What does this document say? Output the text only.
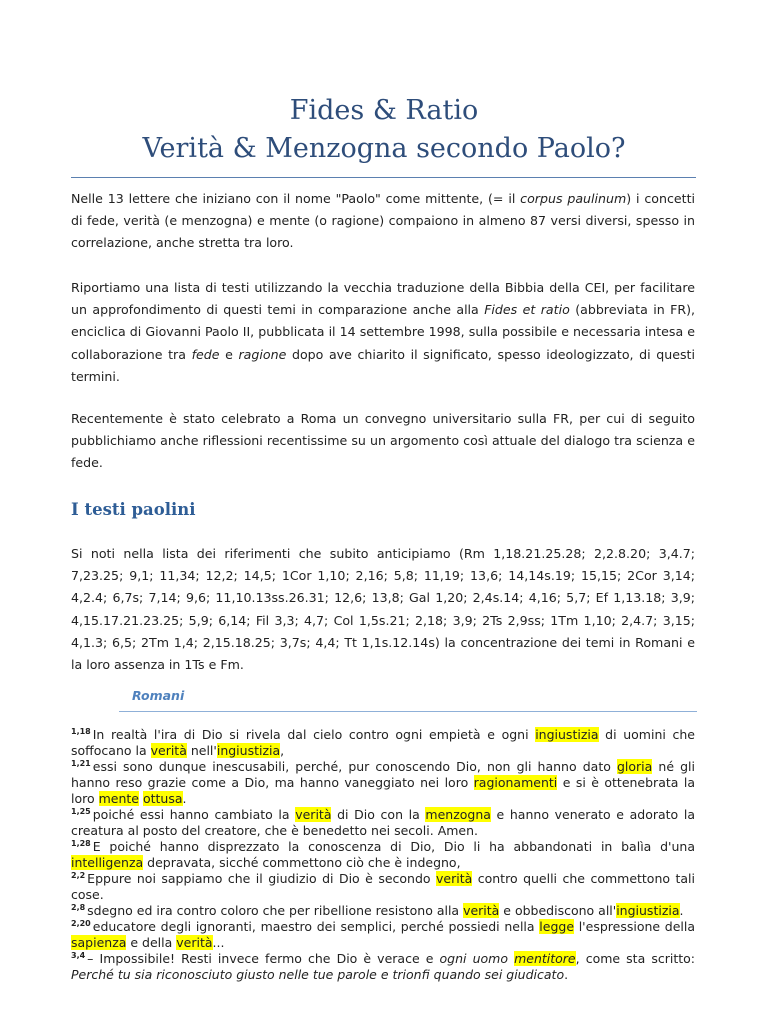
Fides & Ratio
Verità & Menzogna secondo Paolo?

Nelle 13 lettere che iniziano con il nome "Paolo" come mittente, (= il corpus paulinum) i concetti di fede, verità (e menzogna) e mente (o ragione) compaiono in almeno 87 versi diversi, spesso in correlazione, anche stretta tra loro.

Riportiamo una lista di testi utilizzando la vecchia traduzione della Bibbia della CEI, per facilitare un approfondimento di questi temi in comparazione anche alla Fides et ratio (abbreviata in FR), enciclica di Giovanni Paolo II, pubblicata il 14 settembre 1998, sulla possibile e necessaria intesa e collaborazione tra fede e ragione dopo ave chiarito il significato, spesso ideologizzato, di questi termini.

Recentemente è stato celebrato a Roma un convegno universitario sulla FR, per cui di seguito pubblichiamo anche riflessioni recentissime su un argomento così attuale del dialogo tra scienza e fede.

I testi paolini

Si noti nella lista dei riferimenti che subito anticipiamo (Rm 1,18.21.25.28; 2,2.8.20; 3,4.7; 7,23.25; 9,1; 11,34; 12,2; 14,5; 1Cor 1,10; 2,16; 5,8; 11,19; 13,6; 14,14s.19; 15,15; 2Cor 3,14; 4,2.4; 6,7s; 7,14; 9,6; 11,10.13ss.26.31; 12,6; 13,8; Gal 1,20; 2,4s.14; 4,16; 5,7; Ef 1,13.18; 3,9; 4,15.17.21.23.25; 5,9; 6,14; Fil 3,3; 4,7; Col 1,5s.21; 2,18; 3,9; 2Ts 2,9ss; 1Tm 1,10; 2,4.7; 3,15; 4,1.3; 6,5; 2Tm 1,4; 2,15.18.25; 3,7s; 4,4; Tt 1,1s.12.14s) la concentrazione dei temi in Romani e la loro assenza in 1Ts e Fm.

Romani
$^{1,18}$ In realtà l'ira di Dio si rivela dal cielo contro ogni empietà e ogni ingiustizia di uomini che soffocano la verità nell'ingiustizia,
$^{1,21}$ essi sono dunque inescusabili, perché, pur conoscendo Dio, non gli hanno dato gloria né gli hanno reso grazie come a Dio, ma hanno vaneggiato nei loro ragionamenti e si è ottenebrata la loro mente ottusa.
$^{1,25}$ poiché essi hanno cambiato la verità di Dio con la menzogna e hanno venerato e adorato la creatura al posto del creatore, che è benedetto nei secoli. Amen.
$^{1,28}$ E poiché hanno disprezzato la conoscenza di Dio, Dio li ha abbandonati in balìa d'una intelligenza depravata, sicché commettono ciò che è indegno,
$^{2,2}$ Eppure noi sappiamo che il giudizio di Dio è secondo verità contro quelli che commettono tali cose.
$^{2,8}$ sdegno ed ira contro coloro che per ribellione resistono alla verità e obbediscono all'ingiustizia.
$^{2,20}$ educatore degli ignoranti, maestro dei semplici, perché possiedi nella legge l'espressione della sapienza e della verità...
$^{3,4}$ – Impossibile! Resti invece fermo che Dio è verace e ogni uomo mentitore, come sta scritto: Perché tu sia riconosciuto giusto nelle tue parole e trionfi quando sei giudicato.
